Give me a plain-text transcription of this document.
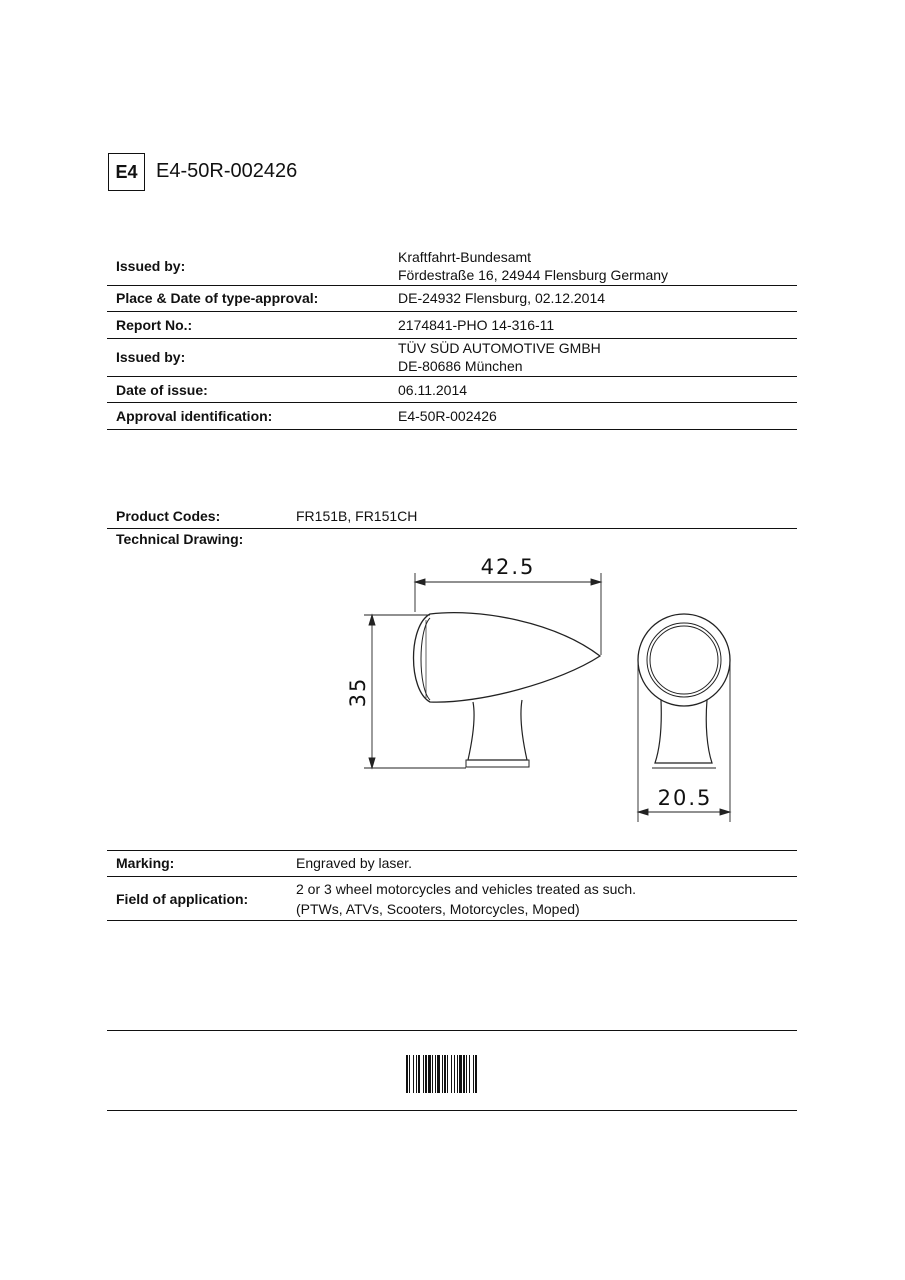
E4 E4-50R-002426
Issued by:
Kraftfahrt-Bundesamt
Fördestraße 16, 24944 Flensburg Germany
Place & Date of type-approval:	DE-24932 Flensburg, 02.12.2014
Report No.:	2174841-PHO 14-316-11
Issued by:
TÜV SÜD AUTOMOTIVE GMBH
DE-80686 München
Date of issue:	06.11.2014
Approval identification:	E4-50R-002426
Product Codes:	FR151B, FR151CH
Technical Drawing:
42.5
35
20.5
Marking:	Engraved by laser.
Field of application:
2 or 3 wheel motorcycles and vehicles treated as such.
(PTWs, ATVs, Scooters, Motorcycles, Moped)
